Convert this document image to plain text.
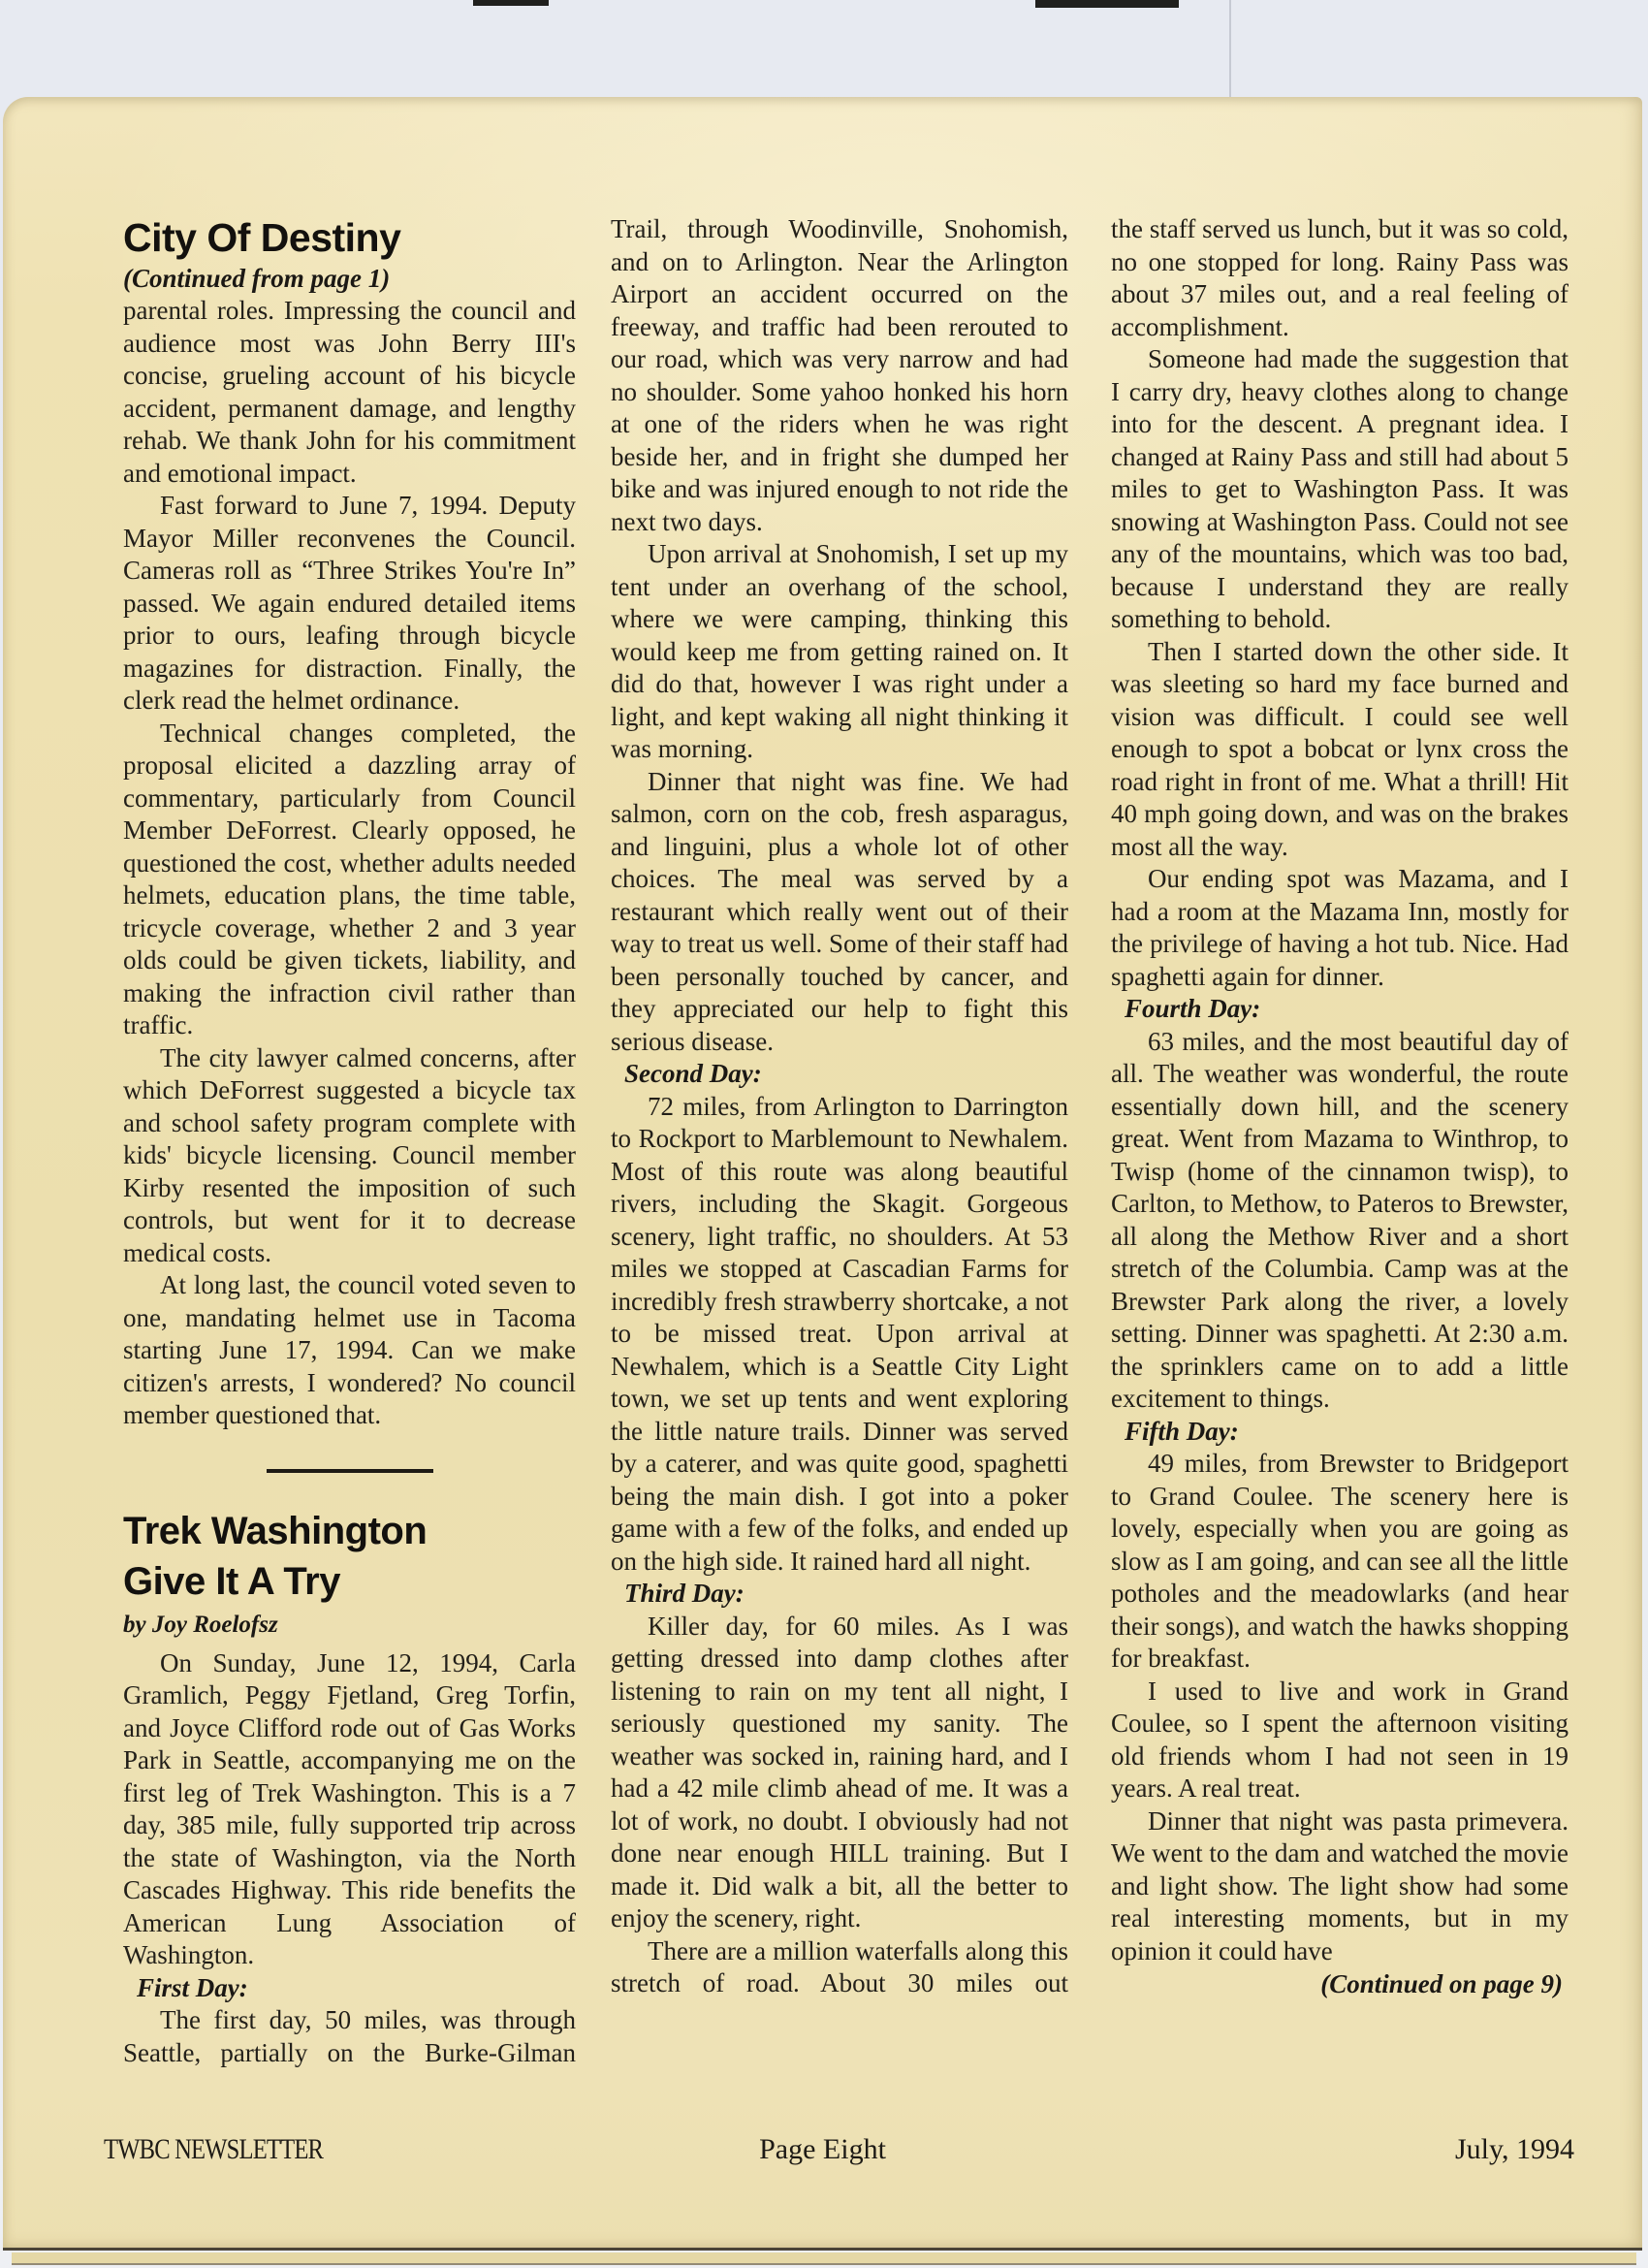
City Of Destiny

(Continued from page 1)

parental roles. Impressing the council and audience most was John Berry III's concise, grueling account of his bicycle accident, permanent damage, and lengthy rehab. We thank John for his commitment and emotional impact.

Fast forward to June 7, 1994. Deputy Mayor Miller reconvenes the Council. Cameras roll as “Three Strikes You're In” passed. We again endured detailed items prior to ours, leafing through bicycle magazines for distraction. Finally, the clerk read the helmet ordinance.

Technical changes completed, the proposal elicited a dazzling array of commentary, particularly from Council Member DeForrest. Clearly opposed, he questioned the cost, whether adults needed helmets, education plans, the time table, tricycle coverage, whether 2 and 3 year olds could be given tickets, liability, and making the infraction civil rather than traffic.

The city lawyer calmed concerns, after which DeForrest suggested a bicycle tax and school safety program complete with kids' bicycle licensing. Council member Kirby resented the imposition of such controls, but went for it to decrease medical costs.

At long last, the council voted seven to one, mandating helmet use in Tacoma starting June 17, 1994. Can we make citizen's arrests, I wondered? No council member questioned that.

Trek Washington
Give It A Try

by Joy Roelofsz

On Sunday, June 12, 1994, Carla Gramlich, Peggy Fjetland, Greg Torfin, and Joyce Clifford rode out of Gas Works Park in Seattle, accompanying me on the first leg of Trek Washington. This is a 7 day, 385 mile, fully supported trip across the state of Washington, via the North Cascades Highway. This ride benefits the American Lung Association of Washington.

First Day:

The first day, 50 miles, was through Seattle, partially on the Burke-Gilman

Trail, through Woodinville, Snohomish, and on to Arlington. Near the Arlington Airport an accident occurred on the freeway, and traffic had been rerouted to our road, which was very narrow and had no shoulder. Some yahoo honked his horn at one of the riders when he was right beside her, and in fright she dumped her bike and was injured enough to not ride the next two days.

Upon arrival at Snohomish, I set up my tent under an overhang of the school, where we were camping, thinking this would keep me from getting rained on. It did do that, however I was right under a light, and kept waking all night thinking it was morning.

Dinner that night was fine. We had salmon, corn on the cob, fresh asparagus, and linguini, plus a whole lot of other choices. The meal was served by a restaurant which really went out of their way to treat us well. Some of their staff had been personally touched by cancer, and they appreciated our help to fight this serious disease.

Second Day:

72 miles, from Arlington to Darrington to Rockport to Marblemount to Newhalem. Most of this route was along beautiful rivers, including the Skagit. Gorgeous scenery, light traffic, no shoulders. At 53 miles we stopped at Cascadian Farms for incredibly fresh strawberry shortcake, a not to be missed treat. Upon arrival at Newhalem, which is a Seattle City Light town, we set up tents and went exploring the little nature trails. Dinner was served by a caterer, and was quite good, spaghetti being the main dish. I got into a poker game with a few of the folks, and ended up on the high side. It rained hard all night.

Third Day:

Killer day, for 60 miles. As I was getting dressed into damp clothes after listening to rain on my tent all night, I seriously questioned my sanity. The weather was socked in, raining hard, and I had a 42 mile climb ahead of me. It was a lot of work, no doubt. I obviously had not done near enough HILL training. But I made it. Did walk a bit, all the better to enjoy the scenery, right.

There are a million waterfalls along this stretch of road. About 30 miles out

the staff served us lunch, but it was so cold, no one stopped for long. Rainy Pass was about 37 miles out, and a real feeling of accomplishment.

Someone had made the suggestion that I carry dry, heavy clothes along to change into for the descent. A pregnant idea. I changed at Rainy Pass and still had about 5 miles to get to Washington Pass. It was snowing at Washington Pass. Could not see any of the mountains, which was too bad, because I understand they are really something to behold.

Then I started down the other side. It was sleeting so hard my face burned and vision was difficult. I could see well enough to spot a bobcat or lynx cross the road right in front of me. What a thrill! Hit 40 mph going down, and was on the brakes most all the way.

Our ending spot was Mazama, and I had a room at the Mazama Inn, mostly for the privilege of having a hot tub. Nice. Had spaghetti again for dinner.

Fourth Day:

63 miles, and the most beautiful day of all. The weather was wonderful, the route essentially down hill, and the scenery great. Went from Mazama to Winthrop, to Twisp (home of the cinnamon twisp), to Carlton, to Methow, to Pateros to Brewster, all along the Methow River and a short stretch of the Columbia. Camp was at the Brewster Park along the river, a lovely setting. Dinner was spaghetti. At 2:30 a.m. the sprinklers came on to add a little excitement to things.

Fifth Day:

49 miles, from Brewster to Bridgeport to Grand Coulee. The scenery here is lovely, especially when you are going as slow as I am going, and can see all the little potholes and the meadowlarks (and hear their songs), and watch the hawks shopping for breakfast.

I used to live and work in Grand Coulee, so I spent the afternoon visiting old friends whom I had not seen in 19 years. A real treat.

Dinner that night was pasta primevera. We went to the dam and watched the movie and light show. The light show had some real interesting moments, but in my opinion it could have

(Continued on page 9)

TWBC NEWSLETTER	Page Eight	July, 1994
